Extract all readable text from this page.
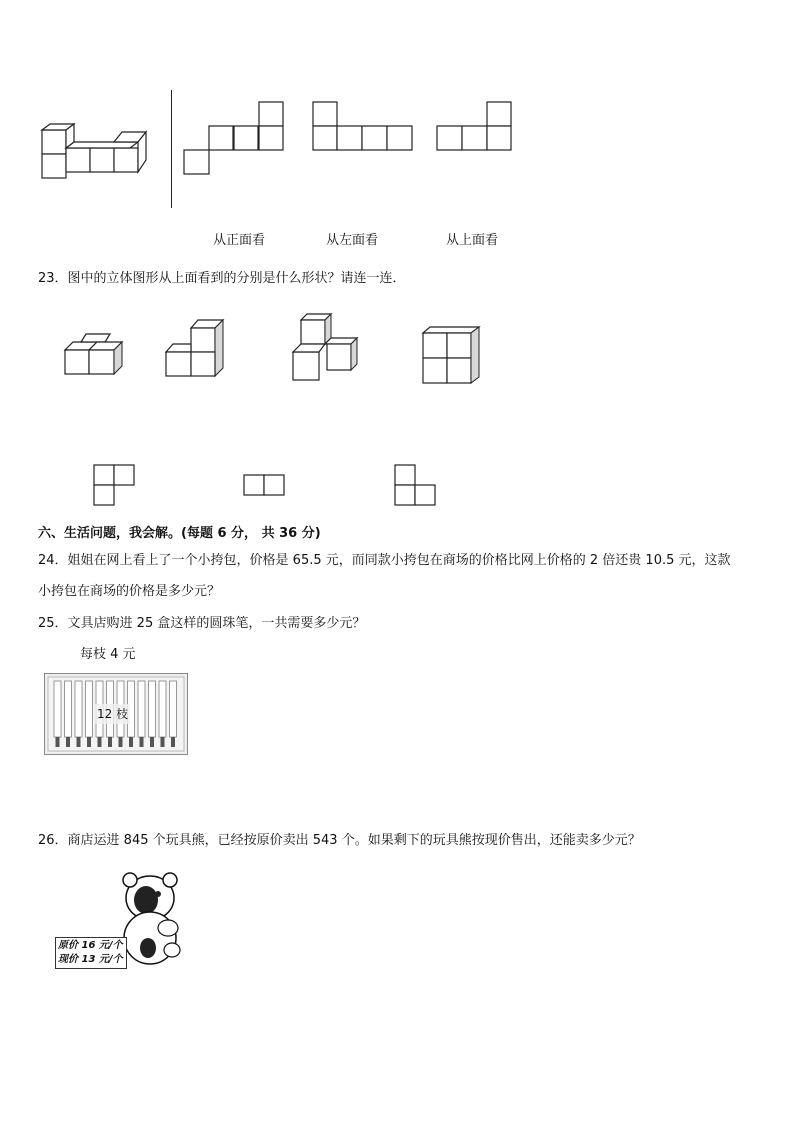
从正面看	从左面看	从上面看
23．图中的立体图形从上面看到的分别是什么形状？请连一连．
六、生活问题，我会解。(每题 6 分， 共 36 分)
24．姐姐在网上看上了一个小挎包，价格是 65.5 元，而同款小挎包在商场的价格比网上价格的 2 倍还贵 10.5 元，这款
小挎包在商场的价格是多少元？
25．文具店购进 25 盒这样的圆珠笔，一共需要多少元？
每枝 4 元
12 枝
26．商店运进 845 个玩具熊，已经按原价卖出 543 个。如果剩下的玩具熊按现价售出，还能卖多少元？
原价 16 元/个
现价 13 元/个
